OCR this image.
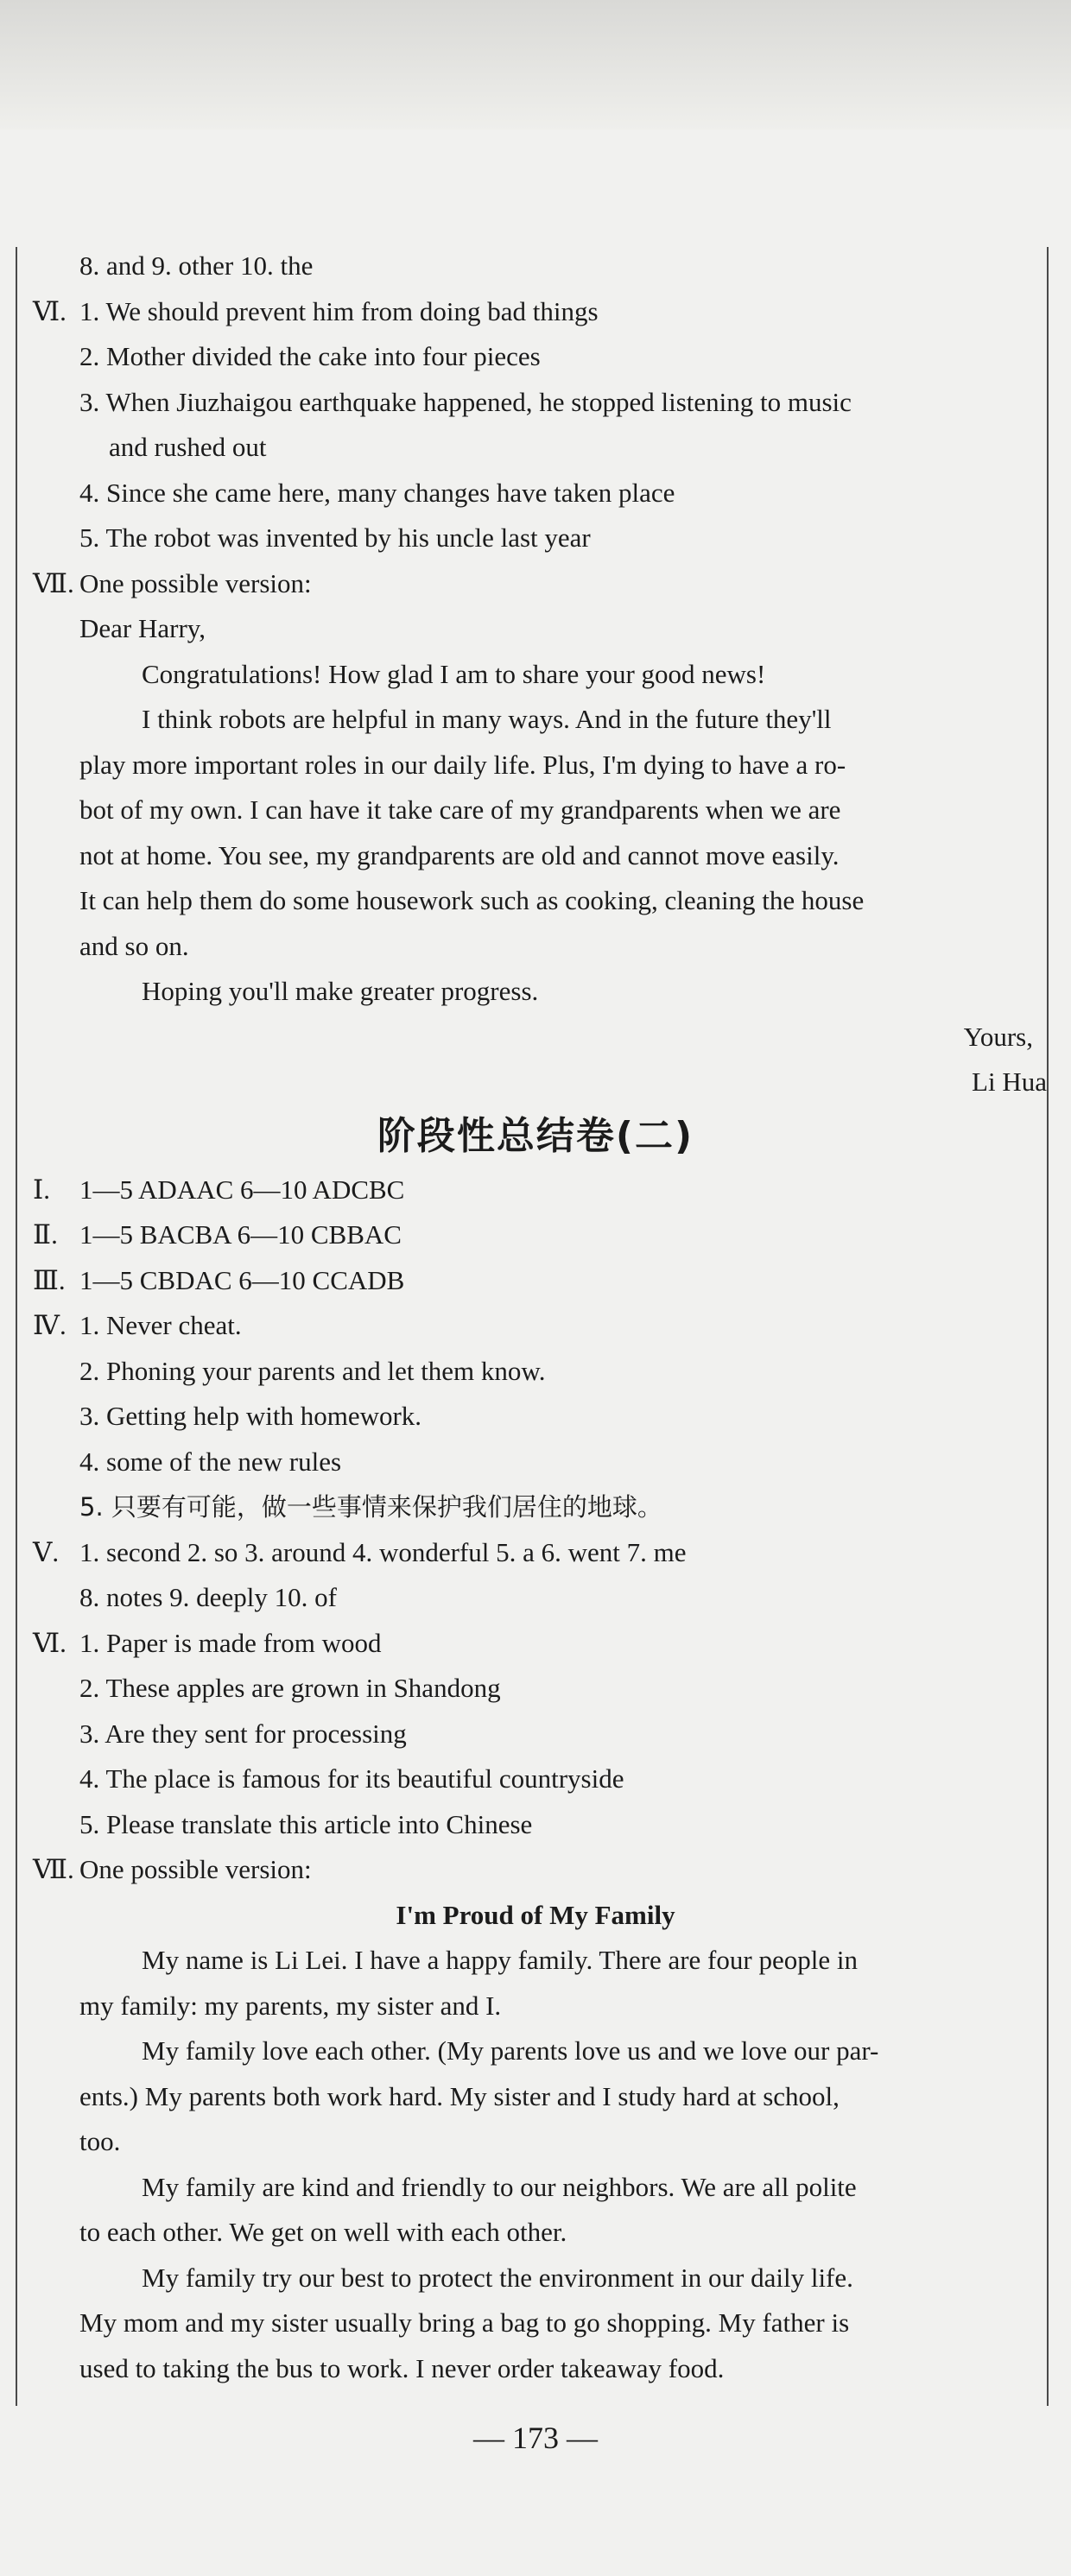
8. and 9. other 10. the
Ⅵ. 1. We should prevent him from doing bad things
2. Mother divided the cake into four pieces
3. When Jiuzhaigou earthquake happened, he stopped listening to music
and rushed out
4. Since she came here, many changes have taken place
5. The robot was invented by his uncle last year
Ⅶ. One possible version:
Dear Harry,
Congratulations! How glad I am to share your good news!
I think robots are helpful in many ways. And in the future they'll
play more important roles in our daily life. Plus, I'm dying to have a ro-
bot of my own. I can have it take care of my grandparents when we are
not at home. You see, my grandparents are old and cannot move easily.
It can help them do some housework such as cooking, cleaning the house
and so on.
Hoping you'll make greater progress.
Yours,
Li Hua
阶段性总结卷(二)
Ⅰ. 1—5 ADAAC 6—10 ADCBC
Ⅱ. 1—5 BACBA 6—10 CBBAC
Ⅲ. 1—5 CBDAC 6—10 CCADB
Ⅳ. 1. Never cheat.
2. Phoning your parents and let them know.
3. Getting help with homework.
4. some of the new rules
5. 只要有可能，做一些事情来保护我们居住的地球。
Ⅴ. 1. second 2. so 3. around 4. wonderful 5. a 6. went 7. me
8. notes 9. deeply 10. of
Ⅵ. 1. Paper is made from wood
2. These apples are grown in Shandong
3. Are they sent for processing
4. The place is famous for its beautiful countryside
5. Please translate this article into Chinese
Ⅶ. One possible version:
I'm Proud of My Family
My name is Li Lei. I have a happy family. There are four people in
my family: my parents, my sister and I.
My family love each other. (My parents love us and we love our par-
ents.) My parents both work hard. My sister and I study hard at school,
too.
My family are kind and friendly to our neighbors. We are all polite
to each other. We get on well with each other.
My family try our best to protect the environment in our daily life.
My mom and my sister usually bring a bag to go shopping. My father is
used to taking the bus to work. I never order takeaway food.
— 173 —
